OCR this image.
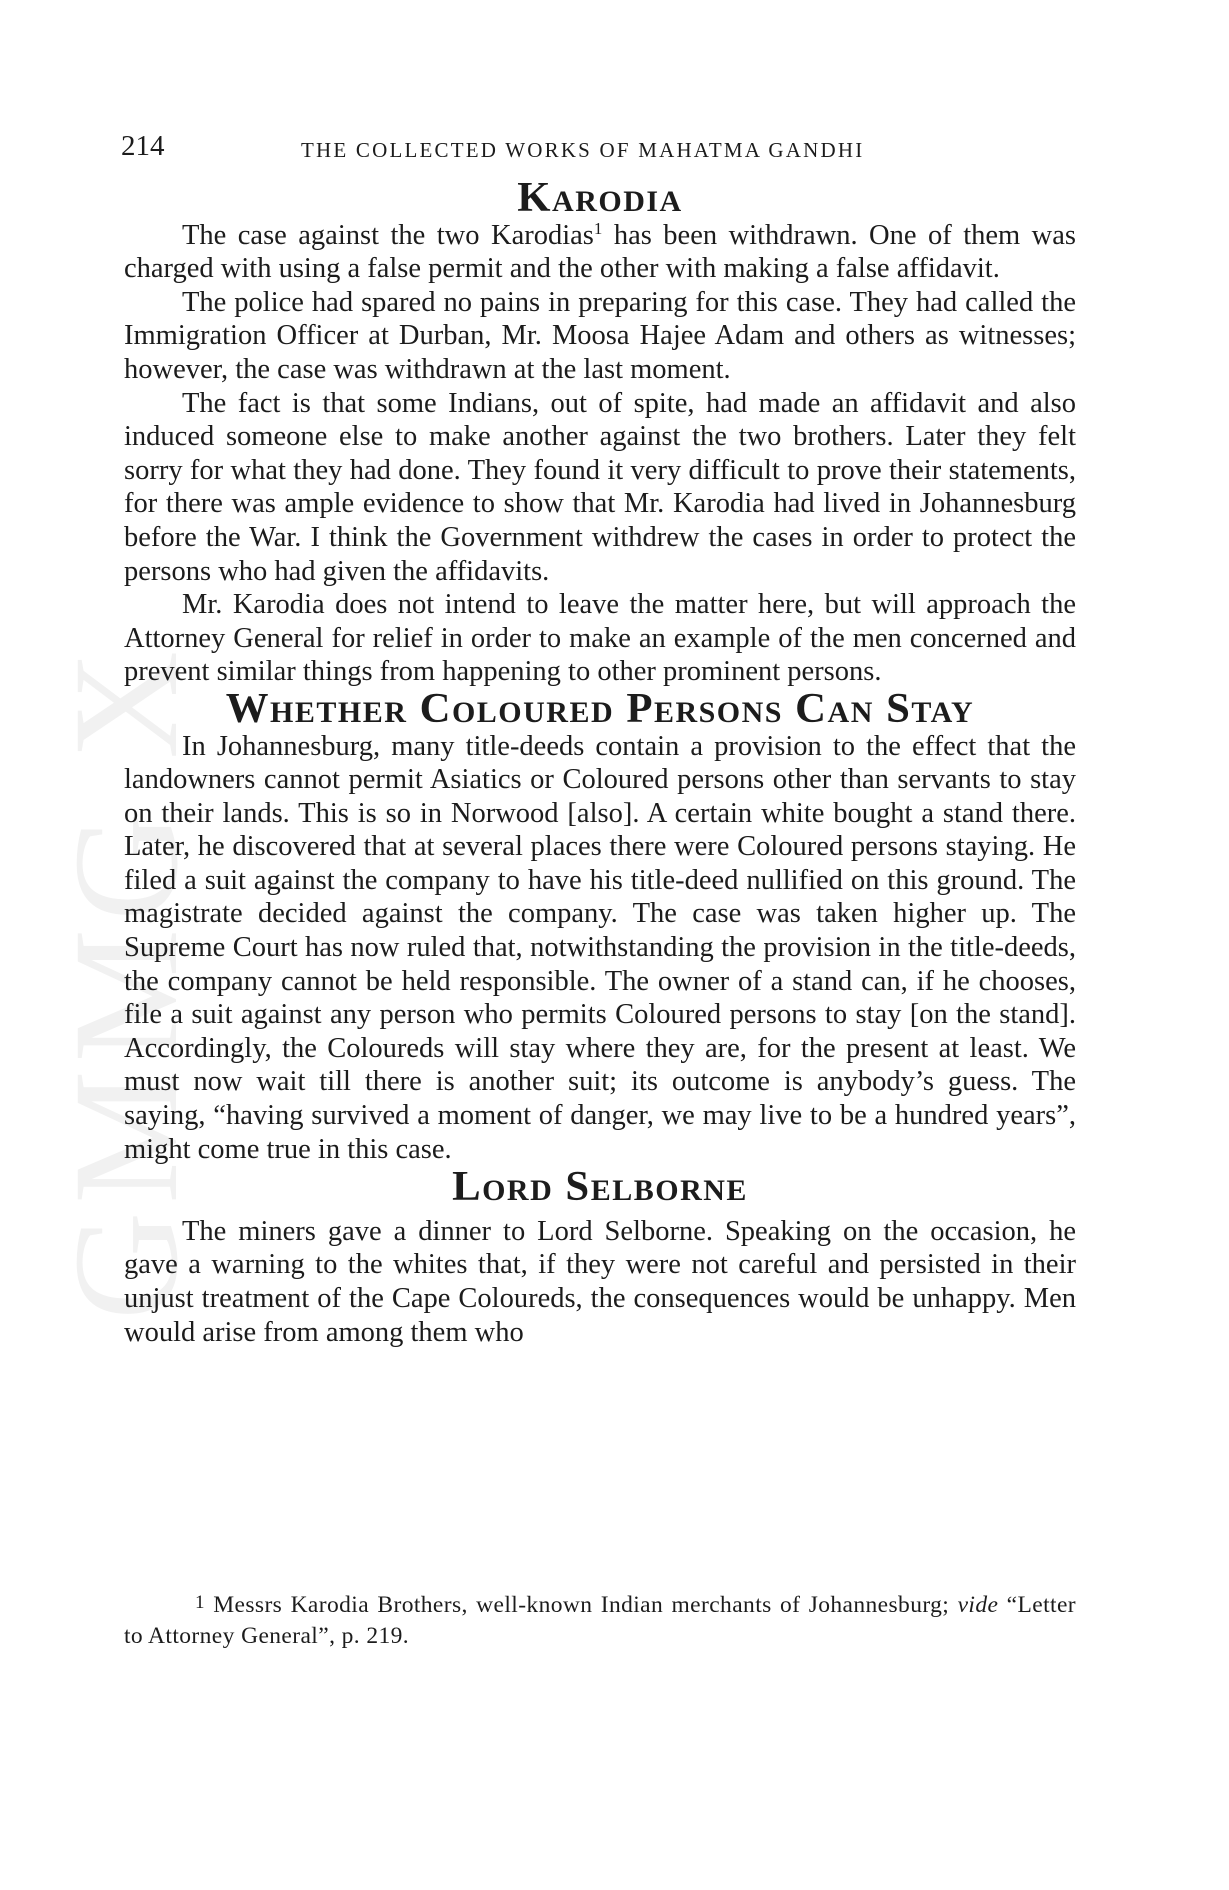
GMMG X
214	THE COLLECTED WORKS OF MAHATMA GANDHI
Karodia

The case against the two Karodias$^1$ has been withdrawn. One of them was charged with using a false permit and the other with making a false affidavit.

The police had spared no pains in preparing for this case. They had called the Immigration Officer at Durban, Mr. Moosa Hajee Adam and others as witnesses; however, the case was withdrawn at the last moment.

The fact is that some Indians, out of spite, had made an affidavit and also induced someone else to make another against the two brothers. Later they felt sorry for what they had done. They found it very difficult to prove their statements, for there was ample evidence to show that Mr. Karodia had lived in Johannesburg before the War. I think the Government withdrew the cases in order to protect the persons who had given the affidavits.

Mr. Karodia does not intend to leave the matter here, but will approach the Attorney General for relief in order to make an example of the men concerned and prevent similar things from happening to other prominent persons.

Whether Coloured Persons Can Stay

In Johannesburg, many title-deeds contain a provision to the effect that the landowners cannot permit Asiatics or Coloured persons other than servants to stay on their lands. This is so in Norwood [also]. A certain white bought a stand there. Later, he discovered that at several places there were Coloured persons staying. He filed a suit against the company to have his title-deed nullified on this ground. The magistrate decided against the company. The case was taken higher up. The Supreme Court has now ruled that, notwithstanding the provision in the title-deeds, the company cannot be held responsible. The owner of a stand can, if he chooses, file a suit against any person who permits Coloured persons to stay [on the stand]. Accordingly, the Coloureds will stay where they are, for the present at least. We must now wait till there is another suit; its outcome is anybody’s guess. The saying, “having survived a moment of danger, we may live to be a hundred years”, might come true in this case.

Lord Selborne

The miners gave a dinner to Lord Selborne. Speaking on the occasion, he gave a warning to the whites that, if they were not careful and persisted in their unjust treatment of the Cape Coloureds, the consequences would be unhappy. Men would arise from among them who

1 Messrs Karodia Brothers, well-known Indian merchants of Johannesburg; vide “Letter to Attorney General”, p. 219.
